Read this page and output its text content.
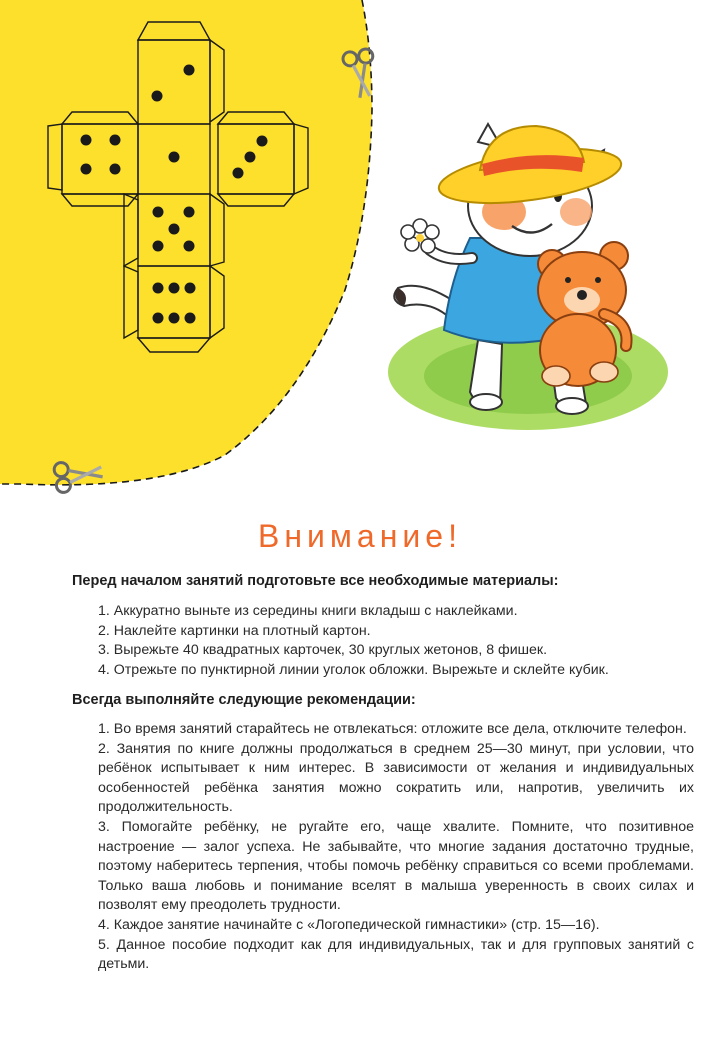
Внимание!

Перед началом занятий подготовьте все необходимые материалы:

1. Аккуратно выньте из середины книги вкладыш с наклейками.
2. Наклейте картинки на плотный картон.
3. Вырежьте 40 квадратных карточек, 30 круглых жетонов, 8 фишек.
4. Отрежьте по пунктирной линии уголок обложки. Вырежьте и склейте кубик.

Всегда выполняйте следующие рекомендации:

1. Во время занятий старайтесь не отвлекаться: отложите все дела, отключите телефон.
2. Занятия по книге должны продолжаться в среднем 25—30 минут, при условии, что ребёнок испытывает к ним интерес. В зависимости от желания и индивидуальных особенностей ребёнка занятия можно сократить или, напротив, увеличить их продолжительность.
3. Помогайте ребёнку, не ругайте его, чаще хвалите. Помните, что позитивное настроение — залог успеха. Не забывайте, что многие задания достаточно трудные, поэтому наберитесь терпения, чтобы помочь ребёнку справиться со всеми проблемами. Только ваша любовь и понимание вселят в малыша уверенность в своих силах и позволят ему преодолеть трудности.
4. Каждое занятие начинайте с «Логопедической гимнастики» (стр. 15—16).
5. Данное пособие подходит как для индивидуальных, так и для групповых занятий с детьми.
